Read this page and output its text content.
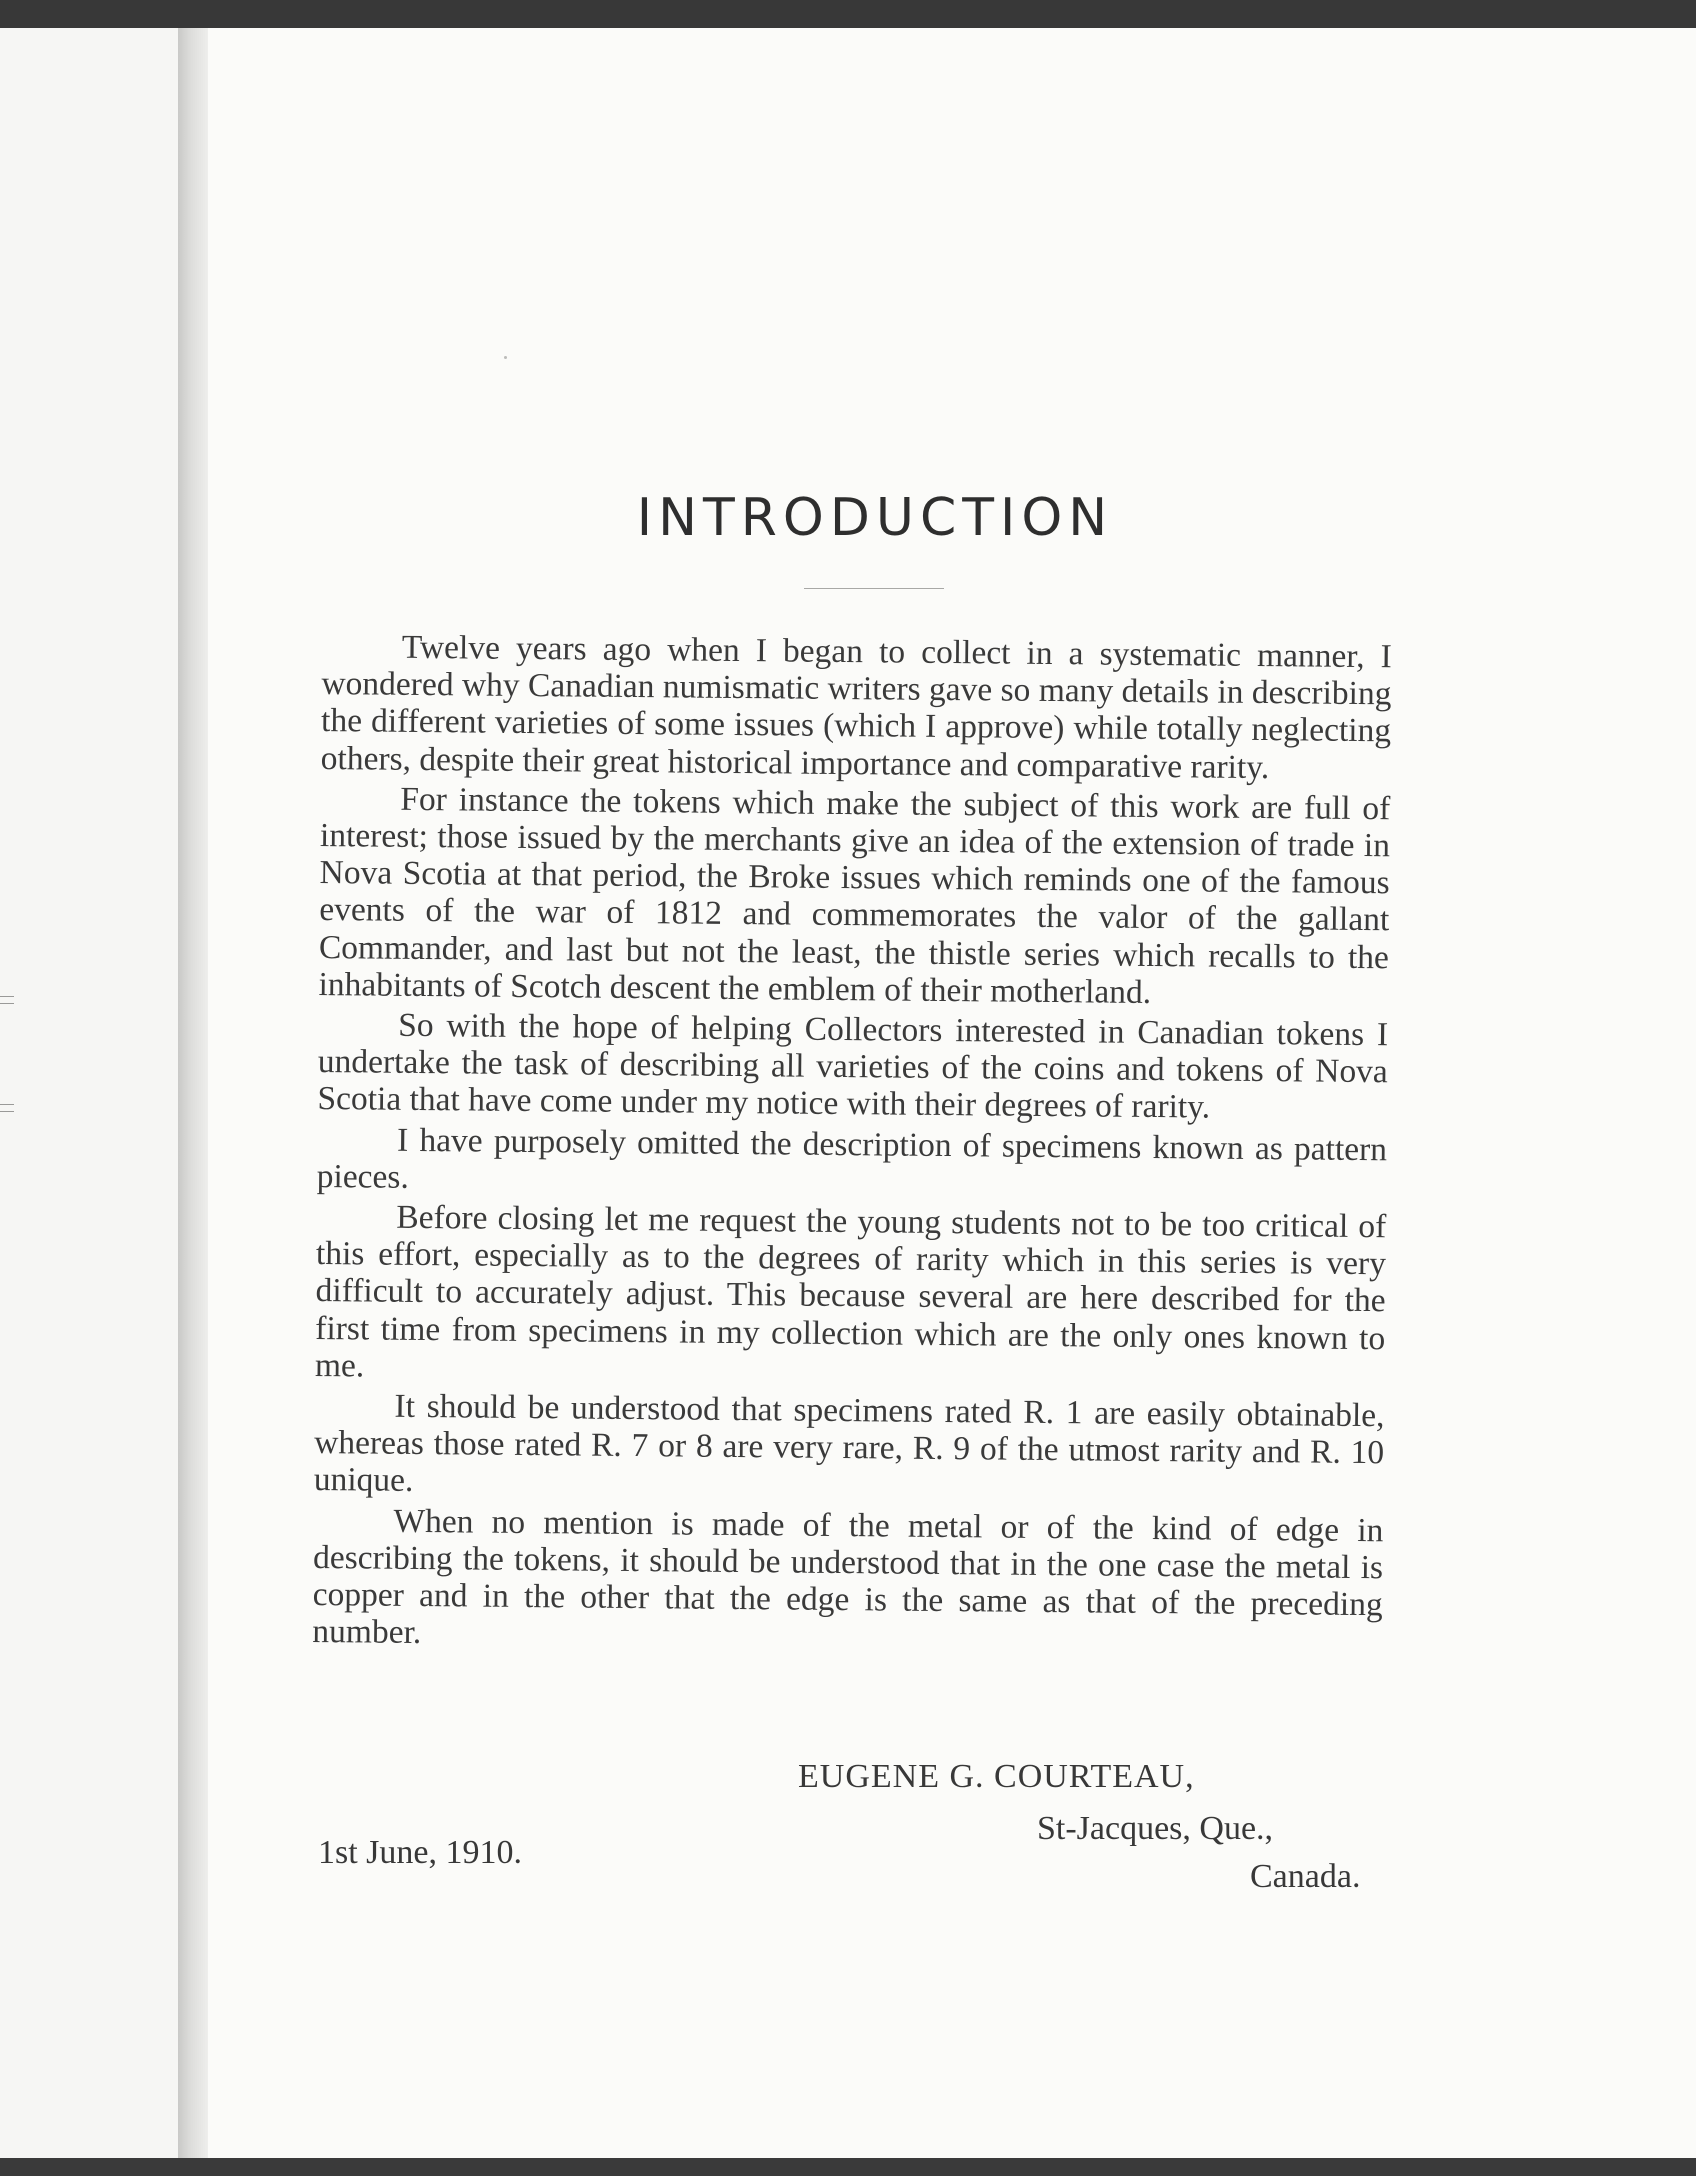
INTRODUCTION

Twelve years ago when I began to collect in a systematic manner, I wondered why Canadian numismatic writers gave so many details in describing the different varieties of some issues (which I approve) while totally neglecting others, despite their great historical importance and comparative rarity.

For instance the tokens which make the subject of this work are full of interest; those issued by the merchants give an idea of the extension of trade in Nova Scotia at that period, the Broke issues which reminds one of the famous events of the war of 1812 and commemorates the valor of the gallant Commander, and last but not the least, the thistle series which recalls to the inhabitants of Scotch descent the emblem of their motherland.

So with the hope of helping Collectors interested in Canadian tokens I undertake the task of describing all varieties of the coins and tokens of Nova Scotia that have come under my notice with their degrees of rarity.

I have purposely omitted the description of specimens known as pattern pieces.

Before closing let me request the young students not to be too critical of this effort, especially as to the degrees of rarity which in this series is very difficult to accurately adjust. This because several are here described for the first time from specimens in my collection which are the only ones known to me.

It should be understood that specimens rated R. 1 are easily obtainable, whereas those rated R. 7 or 8 are very rare, R. 9 of the utmost rarity and R. 10 unique.

When no mention is made of the metal or of the kind of edge in describing the tokens, it should be understood that in the one case the metal is copper and in the other that the edge is the same as that of the preceding number.

EUGENE G. COURTEAU,
St-Jacques, Que.,
Canada.
1st June, 1910.
